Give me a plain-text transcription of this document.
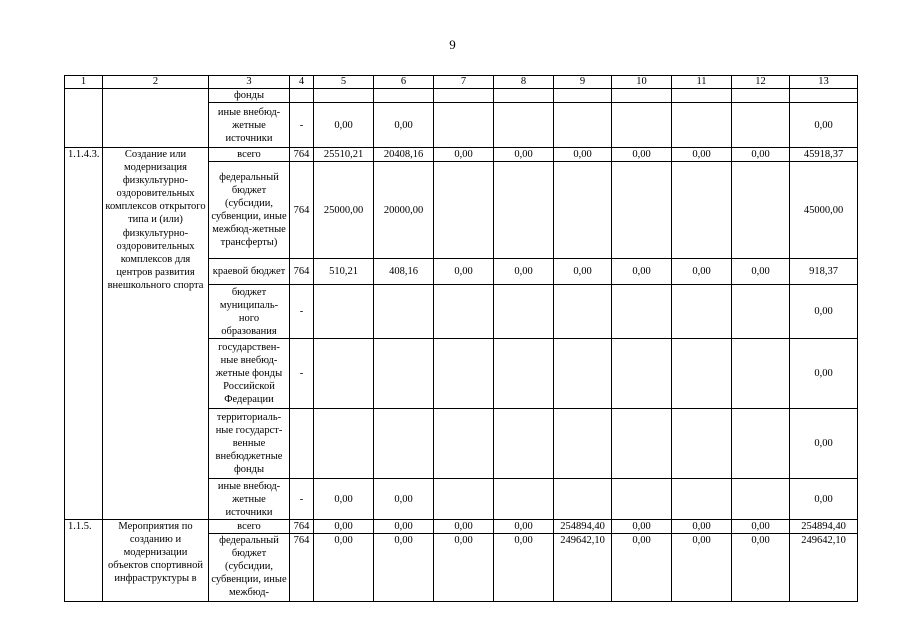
9
1	2	3	4	5	6	7	8	9	10	11	12	13
		фонды										
		иные внебюд-жетные источники	-	0,00	0,00							0,00
1.1.4.3.	Создание или модернизация физкультурно-оздоровительных комплексов открытого типа и (или) физкультурно-оздоровительных комплексов для центров развития внешкольного спорта	всего	764	25510,21	20408,16	0,00	0,00	0,00	0,00	0,00	0,00	45918,37
		федеральный бюджет (субсидии, субвенции, иные межбюд-жетные трансферты)	764	25000,00	20000,00							45000,00
		краевой бюджет	764	510,21	408,16	0,00	0,00	0,00	0,00	0,00	0,00	918,37
		бюджет муниципаль-ного образования	-									0,00
		государствен-ные внебюд-жетные фонды Российской Федерации	-									0,00
		территориаль-ные государст-венные внебюджетные фонды										0,00
		иные внебюд-жетные источники	-	0,00	0,00							0,00
1.1.5.	Мероприятия по созданию и модернизации объектов спортивной инфраструктуры в	всего	764	0,00	0,00	0,00	0,00	254894,40	0,00	0,00	0,00	254894,40
		федеральный бюджет (субсидии, субвенции, иные межбюд-	764	0,00	0,00	0,00	0,00	249642,10	0,00	0,00	0,00	249642,10
